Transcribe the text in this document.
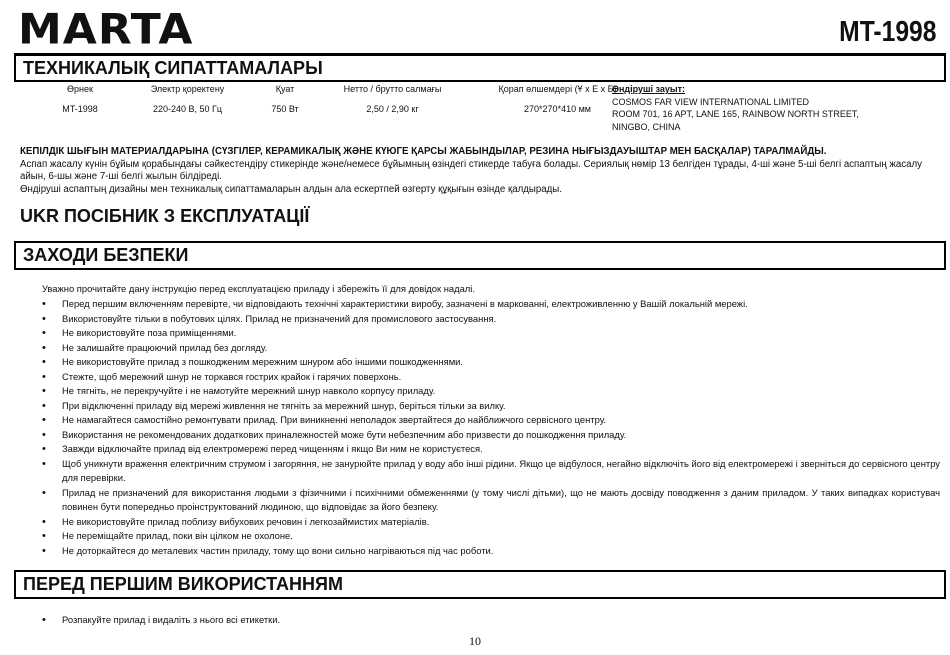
MARTA	MT-1998
ТЕХНИКАЛЫҚ СИПАТТАМАЛАРЫ
Өрнек	Электр қоректену	Қуат	Нетто / брутто салмағы	Қорап өлшемдері (Ұ х Е х Б)

MT-1998	220-240 В, 50 Гц	750 Вт	2,50 / 2,90 кг	270*270*410 мм
Өндіруші зауыт:
COSMOS FAR VIEW INTERNATIONAL LIMITED
ROOM 701, 16 APT, LANE 165, RAINBOW NORTH STREET,
NINGBO, CHINA
КЕПІЛДІК ШЫҒЫН МАТЕРИАЛДАРЫНА (СҮЗГІЛЕР, КЕРАМИКАЛЫҚ ЖӘНЕ КҮЮГЕ ҚАРСЫ ЖАБЫНДЫЛАР, РЕЗИНА НЫҒЫЗДАУЫШТАР МЕН БАСҚАЛАР) ТАРАЛМАЙДЫ.
Аспап жасалу күнін бұйым қорабындағы сәйкестендіру стикерінде және/немесе бұйымның өзіндегі стикерде табуға болады. Сериялық нөмір 13 белгіден тұрады, 4-ші және 5-ші белгі аспаптың жасалу айын, 6-шы және 7-ші белгі жылын білдіреді.
Өндіруші аспаптың дизайны мен техникалық сипаттамаларын алдын ала ескертпей өзгерту құқығын өзінде қалдырады.
UKR ПОСІБНИК З ЕКСПЛУАТАЦІЇ
ЗАХОДИ БЕЗПЕКИ
Уважно прочитайте дану інструкцію перед експлуатацією приладу і збережіть її для довідок надалі.
• Перед першим включенням перевірте, чи відповідають технічні характеристики виробу, зазначені в маркованні, електроживленню у Вашій локальній мережі.
• Використовуйте тільки в побутових цілях. Прилад не призначений для промислового застосування.
• Не використовуйте поза приміщеннями.
• Не залишайте працюючий прилад без догляду.
• Не використовуйте прилад з пошкодженим мережним шнуром або іншими пошкодженнями.
• Стежте, щоб мережний шнур не торкався гострих крайок і гарячих поверхонь.
• Не тягніть, не перекручуйте і не намотуйте мережний шнур навколо корпусу приладу.
• При відключенні приладу від мережі живлення не тягніть за мережний шнур, беріться тільки за вилку.
• Не намагайтеся самостійно ремонтувати прилад. При виникненні неполадок звертайтеся до найближчого сервісного центру.
• Використання не рекомендованих додаткових приналежностей може бути небезпечним або призвести до пошкодження приладу.
• Завжди відключайте прилад від електромережі перед чищенням і якщо Ви ним не користуєтеся.
• Щоб уникнути враження електричним струмом і загоряння, не занурюйте прилад у воду або інші рідини. Якщо це відбулося, негайно відключіть його від електромережі і зверніться до сервісного центру для перевірки.
• Прилад не призначений для використання людьми з фізичними і психічними обмеженнями (у тому числі дітьми), що не мають досвіду поводження з даним приладом. У таких випадках користувач повинен бути попередньо проінструктований людиною, що відповідає за його безпеку.
• Не використовуйте прилад поблизу вибухових речовин і легкозаймистих матеріалів.
• Не переміщайте прилад, поки він цілком не охолоне.
• Не доторкайтеся до металевих частин приладу, тому що вони сильно нагріваються під час роботи.
ПЕРЕД ПЕРШИМ ВИКОРИСТАННЯМ
• Розпакуйте прилад і видаліть з нього всі етикетки.
10
